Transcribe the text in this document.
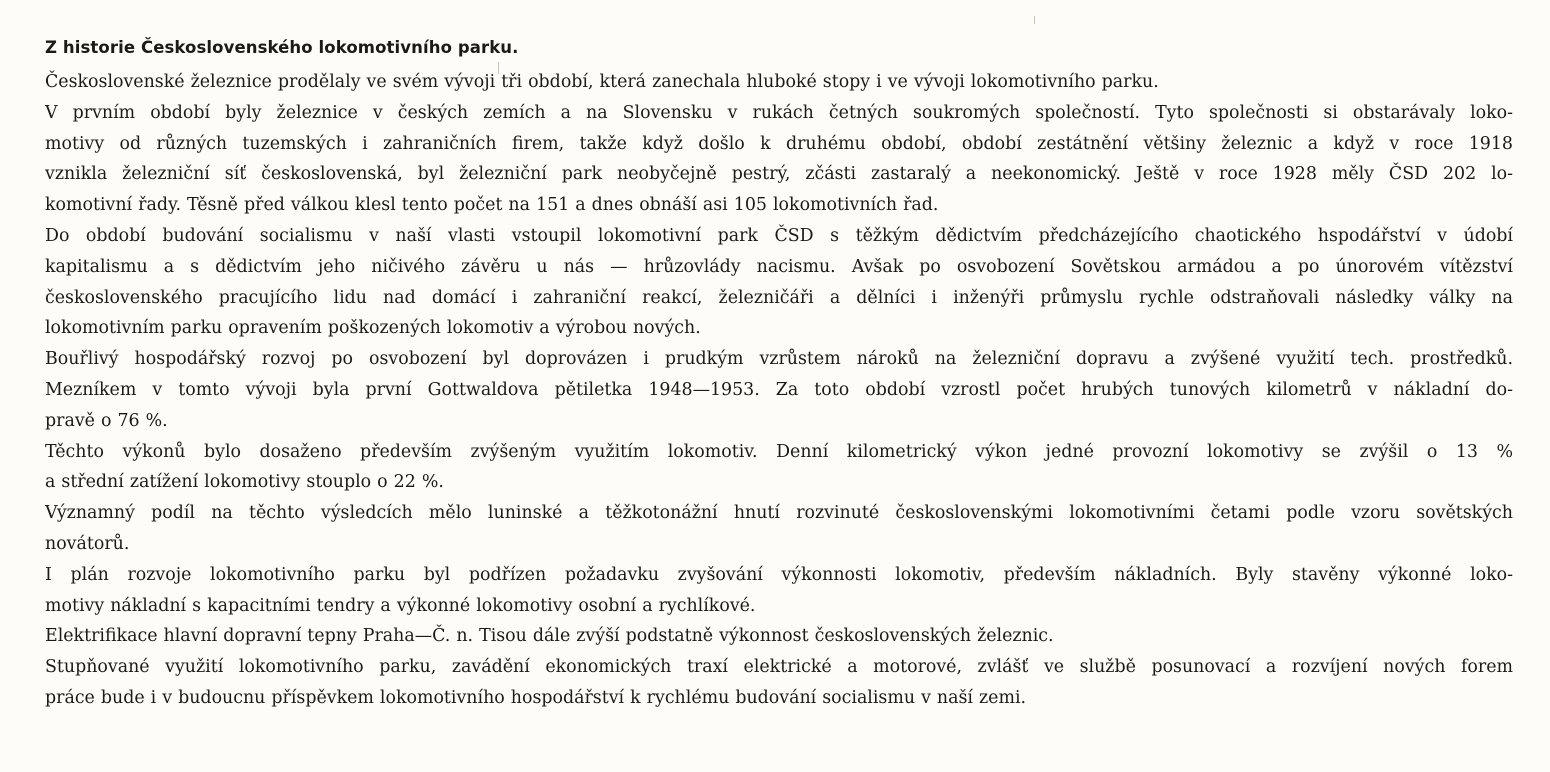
Z historie Československého lokomotivního parku.
Československé železnice prodělaly ve svém vývoji tři období, která zanechala hluboké stopy i ve vývoji lokomotivního parku.
V prvním období byly železnice v českých zemích a na Slovensku v rukách četných soukromých společností. Tyto společnosti si obstarávaly loko-
motivy od různých tuzemských i zahraničních firem, takže když došlo k druhému období, období zestátnění většiny železnic a když v roce 1918
vznikla železniční síť československá, byl železniční park neobyčejně pestrý, zčásti zastaralý a neekonomický. Ještě v roce 1928 měly ČSD 202 lo-
komotivní řady. Těsně před válkou klesl tento počet na 151 a dnes obnáší asi 105 lokomotivních řad.
Do období budování socialismu v naší vlasti vstoupil lokomotivní park ČSD s těžkým dědictvím předcházejícího chaotického hspodářství v údobí
kapitalismu a s dědictvím jeho ničivého závěru u nás — hrůzovlády nacismu. Avšak po osvobození Sovětskou armádou a po únorovém vítězství
československého pracujícího lidu nad domácí i zahraniční reakcí, železničáři a dělníci i inženýři průmyslu rychle odstraňovali následky války na
lokomotivním parku opravením poškozených lokomotiv a výrobou nových.
Bouřlivý hospodářský rozvoj po osvobození byl doprovázen i prudkým vzrůstem nároků na železniční dopravu a zvýšené využití tech. prostředků.
Mezníkem v tomto vývoji byla první Gottwaldova pětiletka 1948—1953. Za toto období vzrostl počet hrubých tunových kilometrů v nákladní do-
pravě o 76 %.
Těchto výkonů bylo dosaženo především zvýšeným využitím lokomotiv. Denní kilometrický výkon jedné provozní lokomotivy se zvýšil o 13 %
a střední zatížení lokomotivy stouplo o 22 %.
Významný podíl na těchto výsledcích mělo luninské a těžkotonážní hnutí rozvinuté československými lokomotivními četami podle vzoru sovětských
novátorů.
I plán rozvoje lokomotivního parku byl podřízen požadavku zvyšování výkonnosti lokomotiv, především nákladních. Byly stavěny výkonné loko-
motivy nákladní s kapacitními tendry a výkonné lokomotivy osobní a rychlíkové.
Elektrifikace hlavní dopravní tepny Praha—Č. n. Tisou dále zvýší podstatně výkonnost československých železnic.
Stupňované využití lokomotivního parku, zavádění ekonomických traxí elektrické a motorové, zvlášť ve službě posunovací a rozvíjení nových forem
práce bude i v budoucnu příspěvkem lokomotivního hospodářství k rychlému budování socialismu v naší zemi.
